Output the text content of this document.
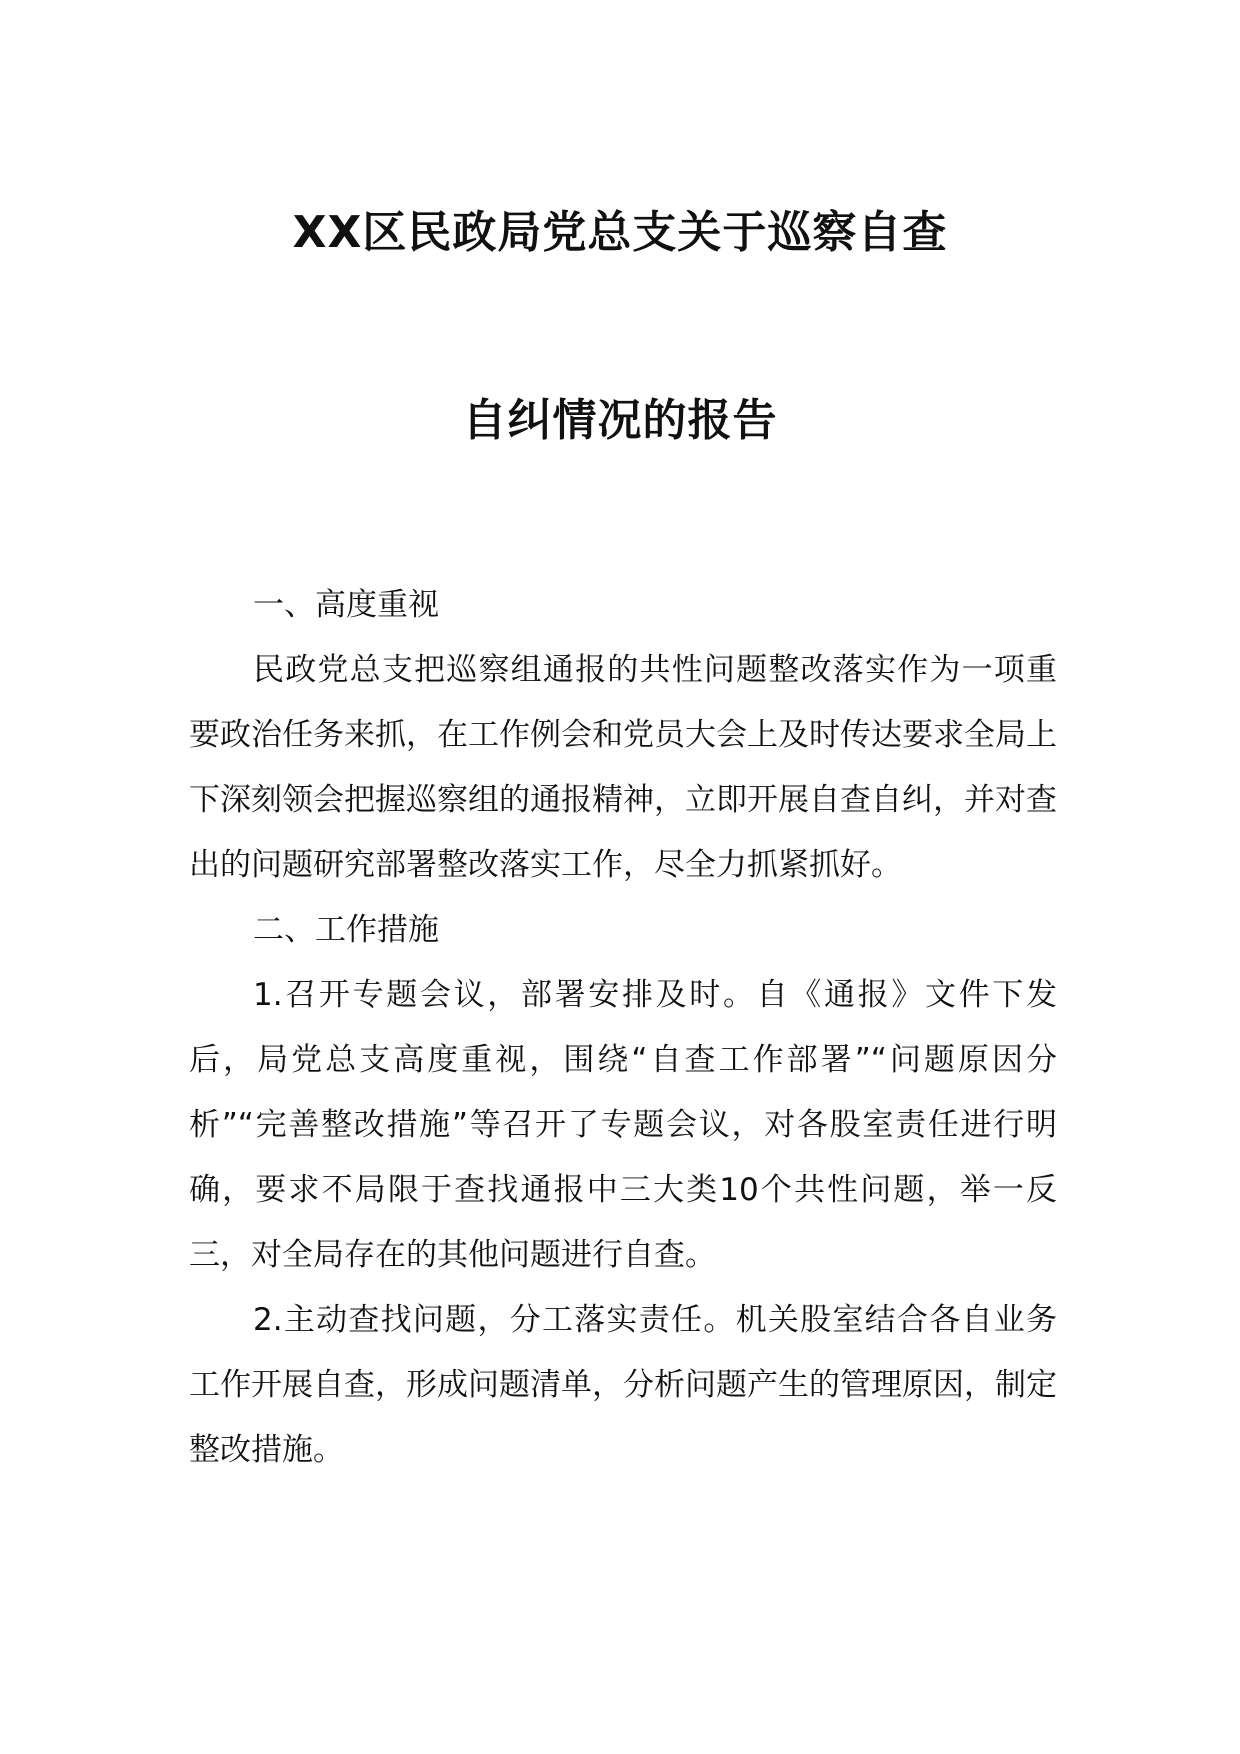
XX区民政局党总支关于巡察自查
自纠情况的报告

一、高度重视

民政党总支把巡察组通报的共性问题整改落实作为一项重要政治任务来抓，在工作例会和党员大会上及时传达要求全局上下深刻领会把握巡察组的通报精神，立即开展自查自纠，并对查出的问题研究部署整改落实工作，尽全力抓紧抓好。

二、工作措施

1.召开专题会议，部署安排及时。自《通报》文件下发后，局党总支高度重视，围绕“自查工作部署”“问题原因分析”“完善整改措施”等召开了专题会议，对各股室责任进行明确，要求不局限于查找通报中三大类10个共性问题，举一反三，对全局存在的其他问题进行自查。

2.主动查找问题，分工落实责任。机关股室结合各自业务工作开展自查，形成问题清单，分析问题产生的管理原因，制定整改措施。
